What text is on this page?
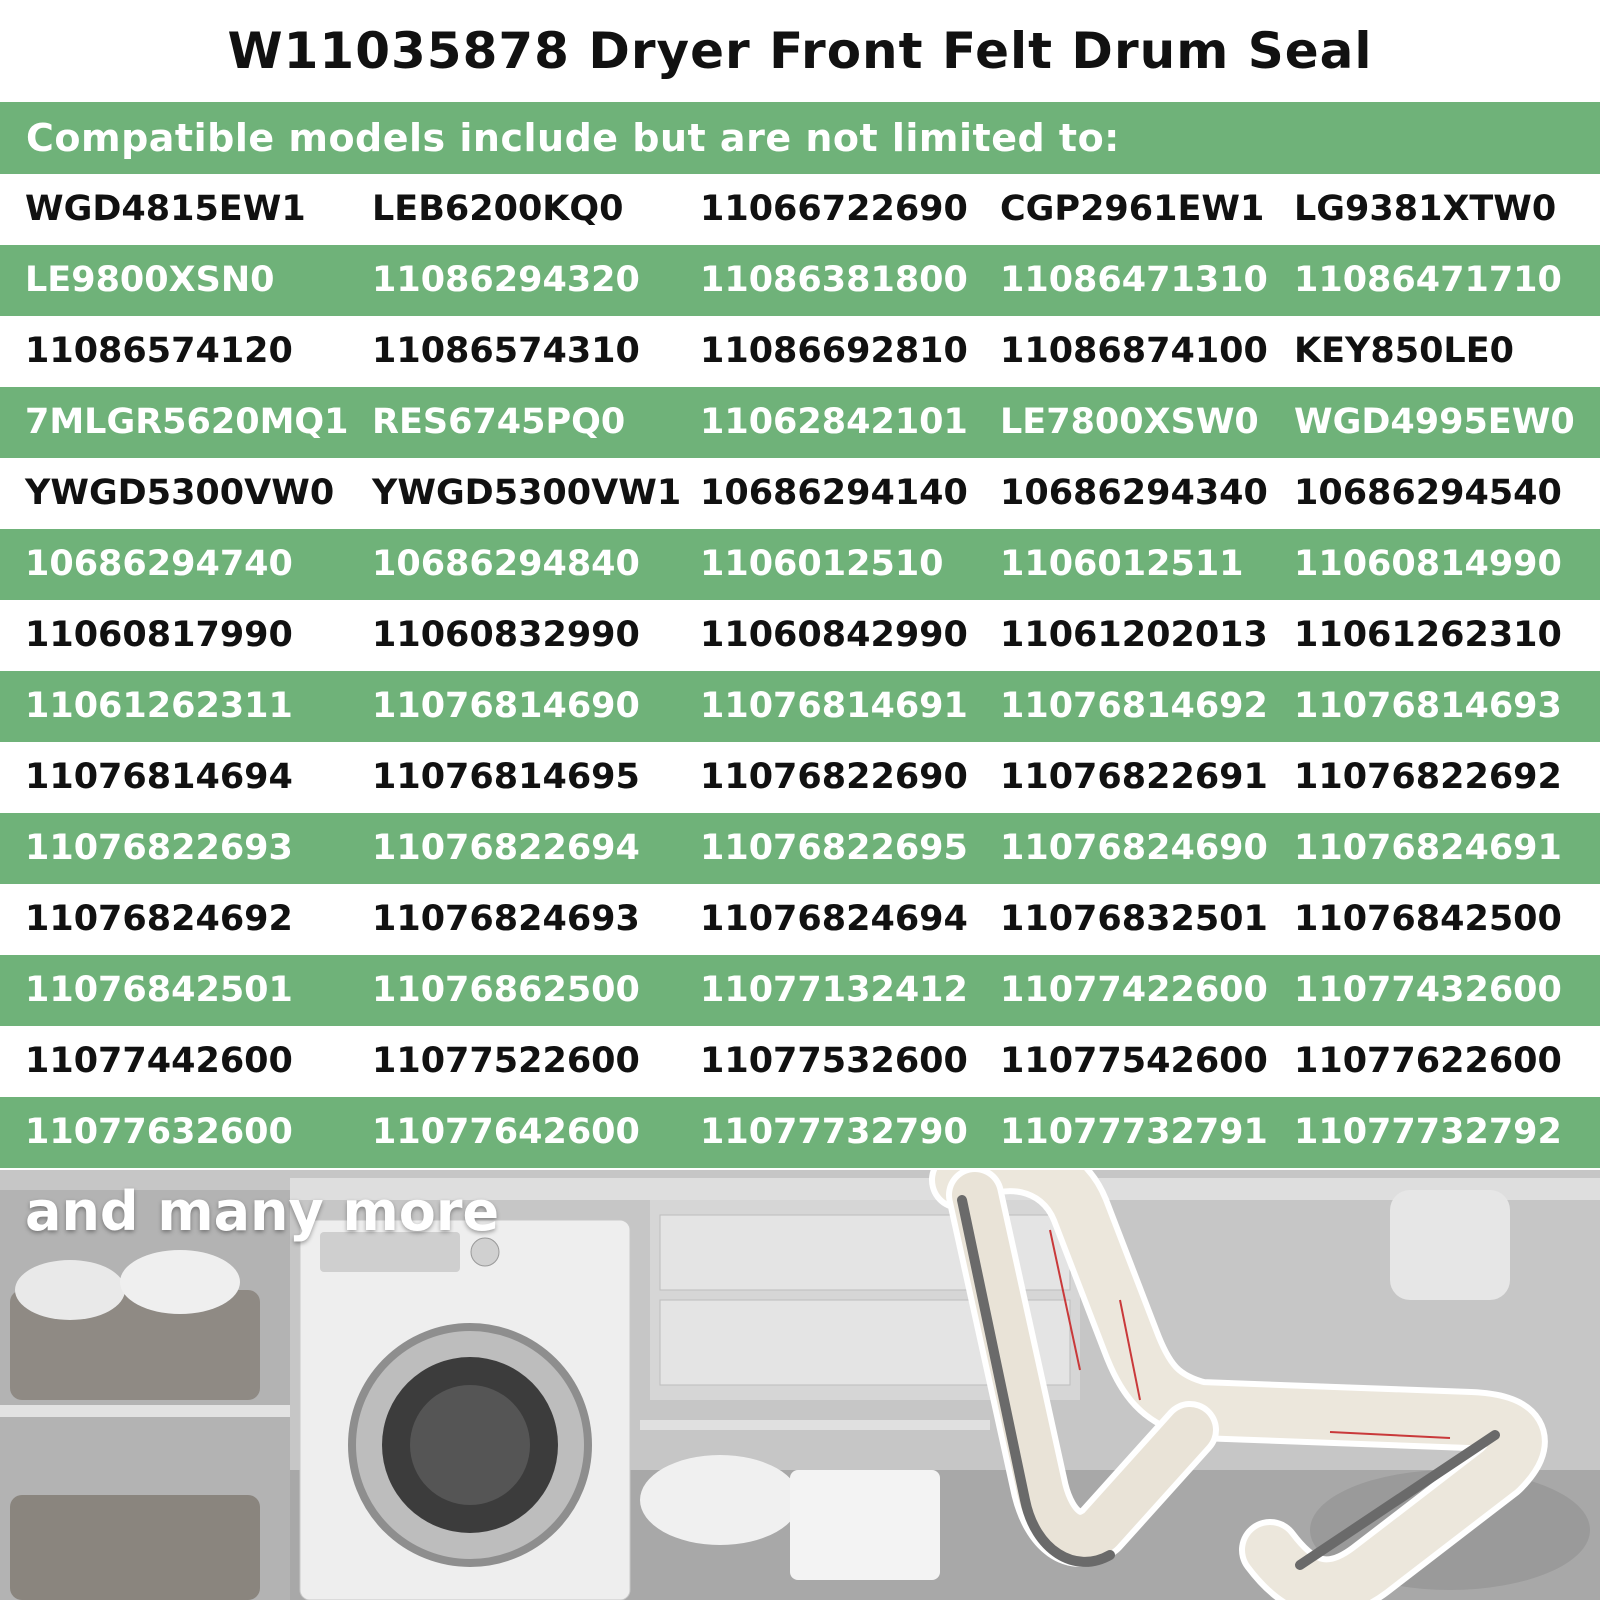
W11035878 Dryer Front Felt Drum Seal
Compatible models include but are not limited to:
WGD4815EW1 LEB6200KQ0 11066722690 CGP2961EW1 LG9381XTW0
LE9800XSN0	11086294320 11086381800 11086471310 11086471710
11086574120 11086574310 11086692810 11086874100 KEY850LE0
7MLGR5620MQ1 RES6745PQ0 11062842101 LE7800XSW0 WGD4995EW0
YWGD5300VW0 YWGD5300VW1 10686294140 10686294340 10686294540
10686294740 10686294840 1106012510 1106012511 11060814990
11060817990 11060832990 11060842990 11061202013 11061262310
11061262311 11076814690 11076814691 11076814692 11076814693
11076814694 11076814695 11076822690 11076822691 11076822692
11076822693 11076822694 11076822695 11076824690 11076824691
11076824692 11076824693 11076824694 11076832501 11076842500
11076842501 11076862500 11077132412 11077422600 11077432600
11077442600 11077522600 11077532600 11077542600 11077622600
11077632600 11077642600 11077732790 11077732791 11077732792
and many more
